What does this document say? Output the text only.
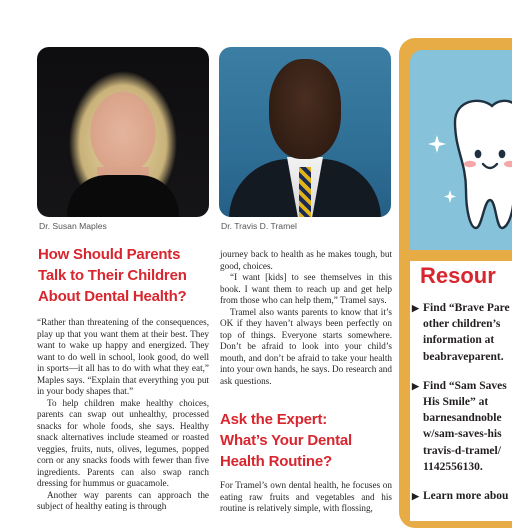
Dr. Susan Maples	Dr. Travis D. Tramel
How Should Parents
Talk to Their Children
About Dental Health?

“Rather than threatening of the consequences, play up that you want them at their best. They want to wake up happy and energized. They want to do well in school, look good, do well in sports—it all has to do with what they eat,” Maples says. “Explain that everything you put in your body shapes that.”

To help children make healthy choices, parents can swap out unhealthy, processed snacks for whole foods, she says. Healthy snack alternatives include steamed or roasted veggies, fruits, nuts, olives, legumes, popped corn or any snacks foods with fewer than five ingredients. Parents can also swap ranch dressing for hummus or guacamole.

Another way parents can approach the subject of healthy eating is through

journey back to health as he makes tough, but good, choices.

“I want [kids] to see themselves in this book. I want them to reach up and get help from those who can help them,” Tramel says.

Tramel also wants parents to know that it’s OK if they haven’t always been perfectly on top of things. Everyone starts somewhere. Don’t be afraid to look into your child’s mouth, and don’t be afraid to take your health into your own hands, he says. Do research and ask questions.

Ask the Expert:
What’s Your Dental
Health Routine?

For Tramel’s own dental health, he focuses on eating raw fruits and vegetables and his routine is relatively simple, with flossing,

Resour
▶ Find “Brave Pare
other children’s
information at
beabraveparent.
▶ Find “Sam Saves
His Smile” at
barnesandnoble
w/sam-saves-his
travis-d-tramel/
1142556130.
▶ Learn more abou
